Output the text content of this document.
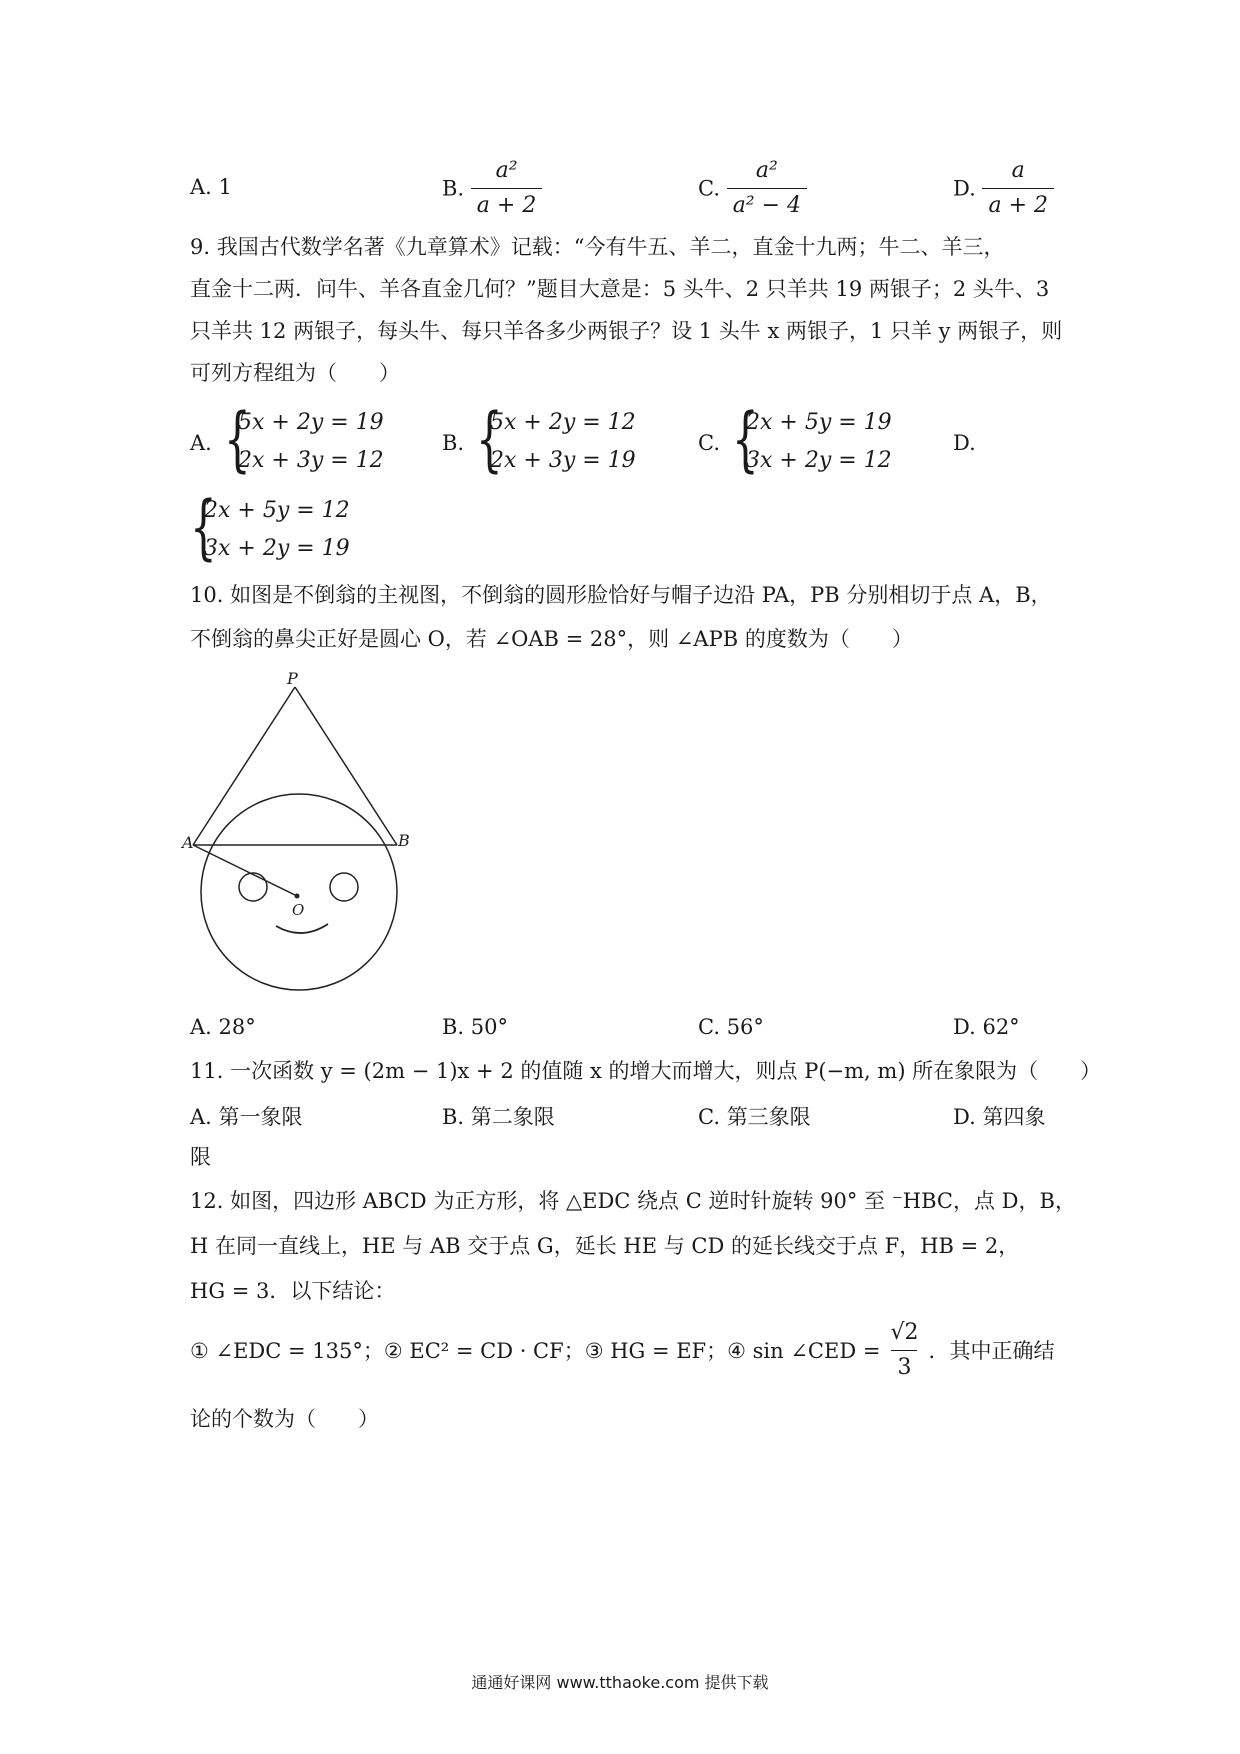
A. 1	B. $\frac{\text{a²}}{a + 2}$	C. $\frac{\text{a²}}{\text{a² − 4}}$	D. $\frac{a}{a + 2}$
9. 我国古代数学名著《九章算术》记载：“今有牛五、羊二，直金十九两；牛二、羊三，
直金十二两．问牛、羊各直金几何？”题目大意是：5 头牛、2 只羊共 19 两银子；2 头牛、3
只羊共 12 两银子，每头牛、每只羊各多少两银子？设 1 头牛 x 两银子，1 只羊 y 两银子，则
可列方程组为（　　）
A. {
5x + 2y = 19
2x + 3y = 12
B. {
5x + 2y = 12
2x + 3y = 19
C. {
2x + 5y = 19
3x + 2y = 12
D.
{
2x + 5y = 12
3x + 2y = 19
10. 如图是不倒翁的主视图，不倒翁的圆形脸恰好与帽子边沿 PA，PB 分别相切于点 A，B，
不倒翁的鼻尖正好是圆心 O，若 ∠OAB = 28°，则 ∠APB 的度数为（　　）
P
A	B
O
A. 28°	B. 50°	C. 56°	D. 62°
11. 一次函数 y = (2m − 1)x + 2 的值随 x 的增大而增大，则点 P(−m, m) 所在象限为（　　）
A. 第一象限	B. 第二象限	C. 第三象限	D. 第四象
限
12. 如图，四边形 ABCD 为正方形，将 △EDC 绕点 C 逆时针旋转 90° 至 ⁻HBC，点 D，B，
H 在同一直线上，HE 与 AB 交于点 G，延长 HE 与 CD 的延长线交于点 F，HB = 2，
HG = 3．以下结论：
① ∠EDC = 135°；② EC² = CD · CF；③ HG = EF；④ sin ∠CED = $\frac{√2}{3}$ ．其中正确结
论的个数为（　　）
通通好课网 www.tthaoke.com 提供下载
